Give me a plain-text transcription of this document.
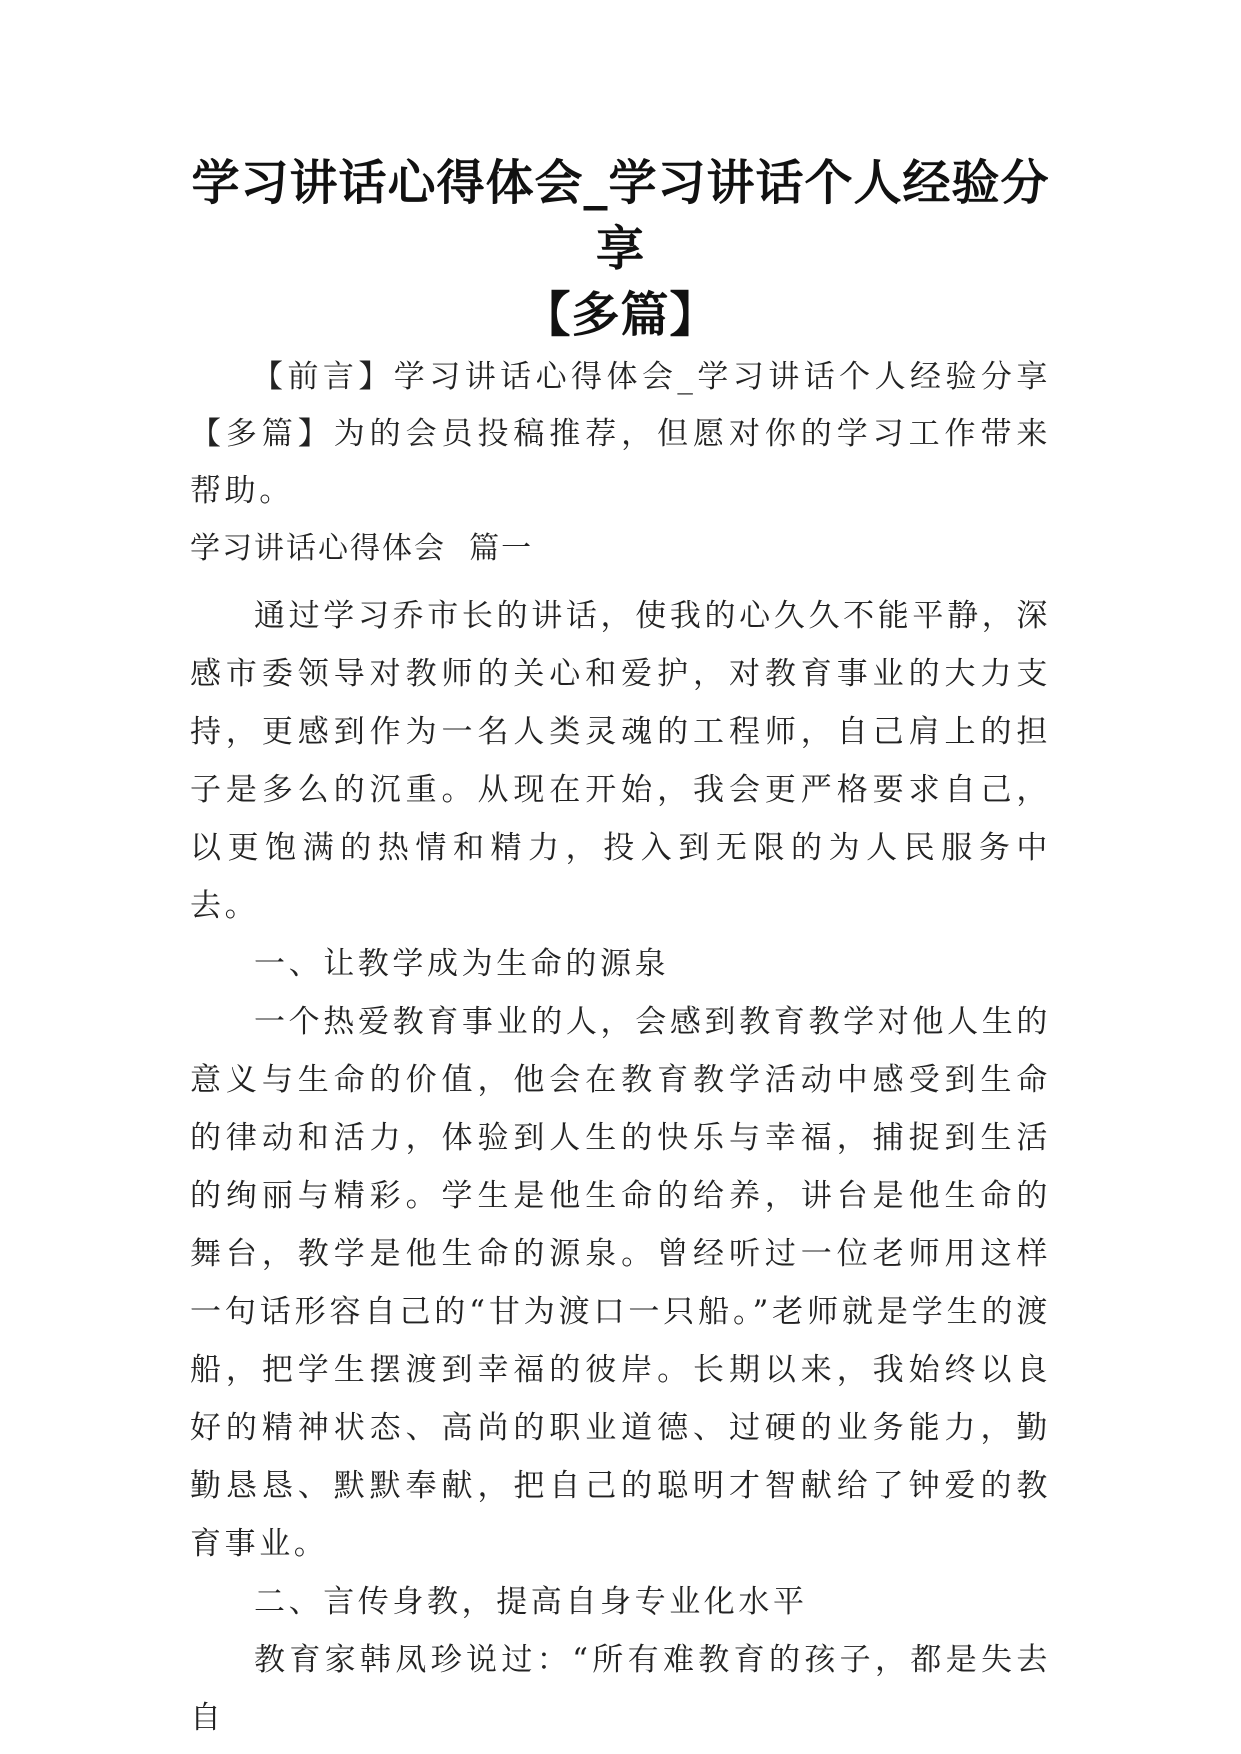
学习讲话心得体会_学习讲话个人经验分享
【多篇】

【前言】学习讲话心得体会_学习讲话个人经验分享【多篇】为的会员投稿推荐，但愿对你的学习工作带来帮助。

学习讲话心得体会  篇一

通过学习乔市长的讲话，使我的心久久不能平静，深感市委领导对教师的关心和爱护，对教育事业的大力支持，更感到作为一名人类灵魂的工程师，自己肩上的担子是多么的沉重。从现在开始，我会更严格要求自己，以更饱满的热情和精力，投入到无限的为人民服务中去。

一、让教学成为生命的源泉

一个热爱教育事业的人，会感到教育教学对他人生的意义与生命的价值，他会在教育教学活动中感受到生命的律动和活力，体验到人生的快乐与幸福，捕捉到生活的绚丽与精彩。学生是他生命的给养，讲台是他生命的舞台，教学是他生命的源泉。曾经听过一位老师用这样一句话形容自己的“甘为渡口一只船。”老师就是学生的渡船，把学生摆渡到幸福的彼岸。长期以来，我始终以良好的精神状态、高尚的职业道德、过硬的业务能力，勤勤恳恳、默默奉献，把自己的聪明才智献给了钟爱的教育事业。

二、言传身教，提高自身专业化水平

教育家韩凤珍说过：“所有难教育的孩子，都是失去自
